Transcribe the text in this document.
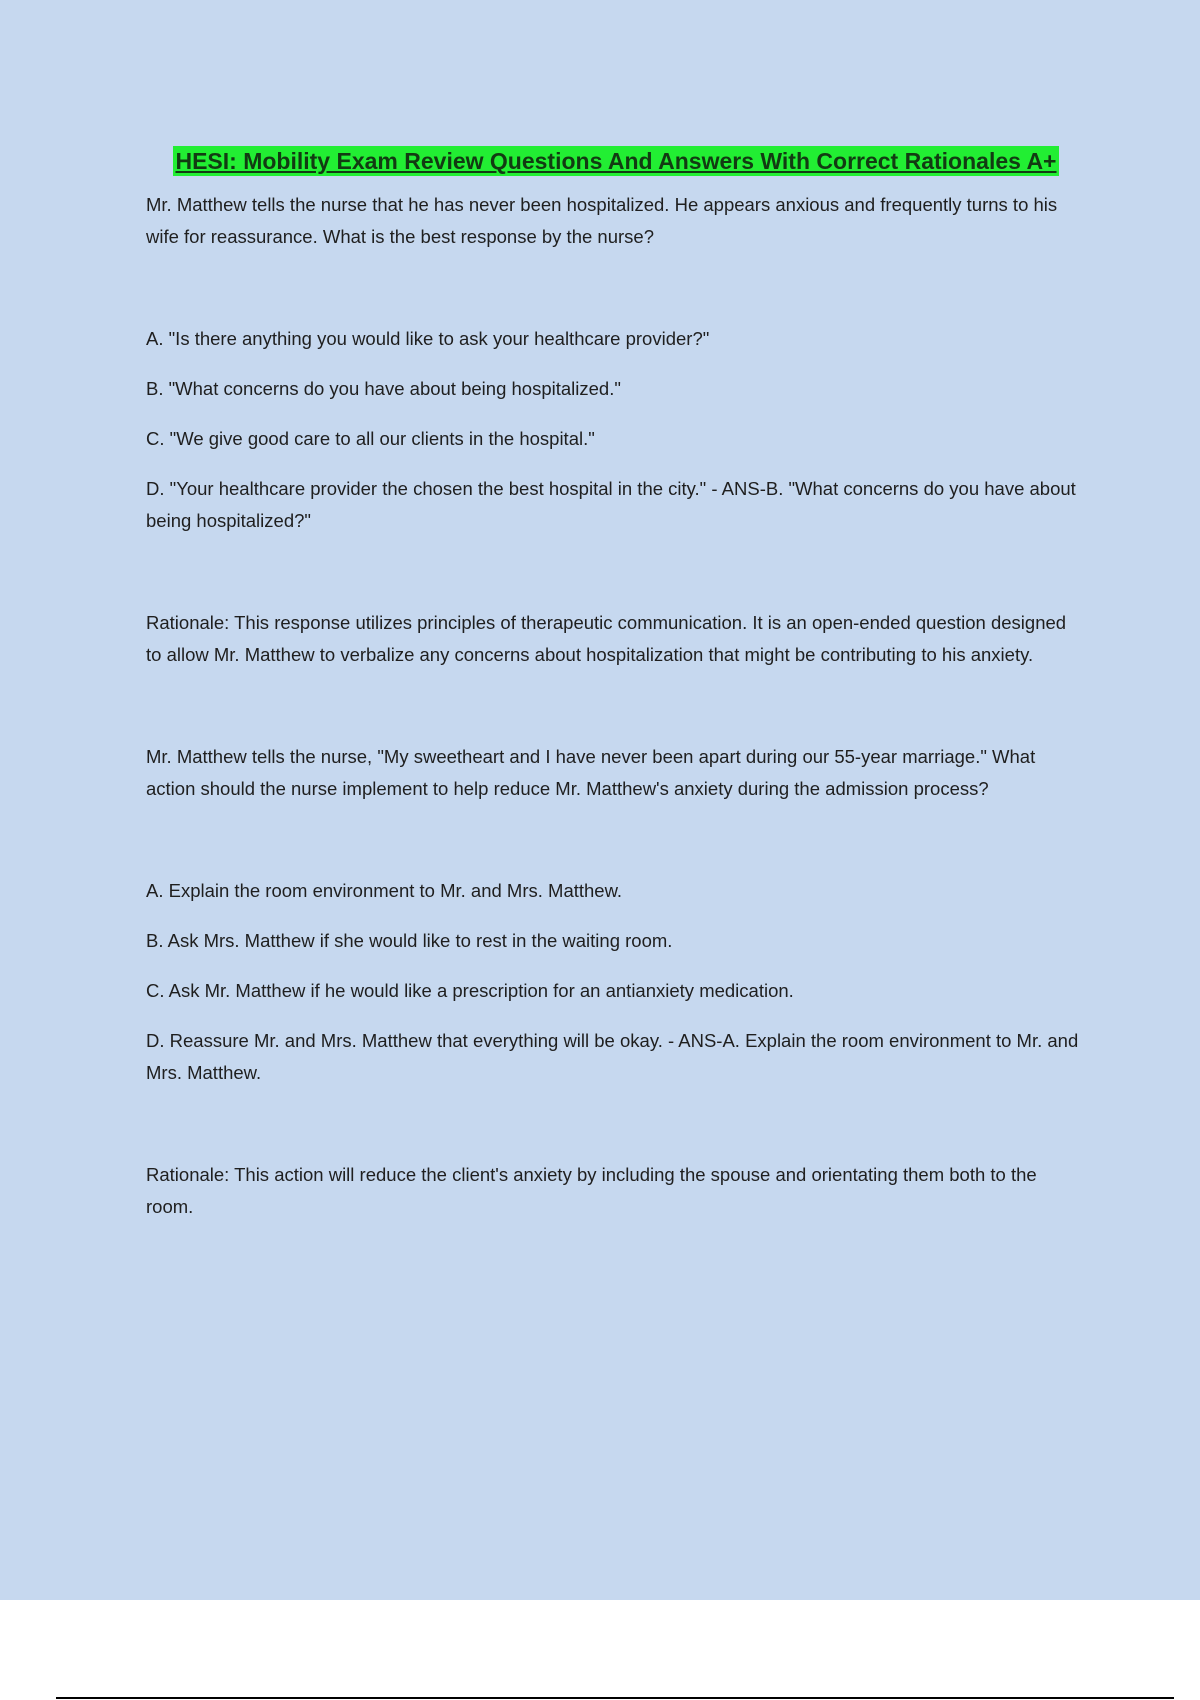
HESI: Mobility Exam Review Questions And Answers With Correct Rationales A+

Mr. Matthew tells the nurse that he has never been hospitalized. He appears anxious and frequently turns to his wife for reassurance. What is the best response by the nurse?

A. "Is there anything you would like to ask your healthcare provider?"

B. "What concerns do you have about being hospitalized."

C. "We give good care to all our clients in the hospital."

D. "Your healthcare provider the chosen the best hospital in the city." - ANS-B. "What concerns do you have about being hospitalized?"

Rationale: This response utilizes principles of therapeutic communication. It is an open-ended question designed to allow Mr. Matthew to verbalize any concerns about hospitalization that might be contributing to his anxiety.

Mr. Matthew tells the nurse, "My sweetheart and I have never been apart during our 55-year marriage." What action should the nurse implement to help reduce Mr. Matthew's anxiety during the admission process?

A. Explain the room environment to Mr. and Mrs. Matthew.

B. Ask Mrs. Matthew if she would like to rest in the waiting room.

C. Ask Mr. Matthew if he would like a prescription for an antianxiety medication.

D. Reassure Mr. and Mrs. Matthew that everything will be okay. - ANS-A. Explain the room environment to Mr. and Mrs. Matthew.

Rationale: This action will reduce the client's anxiety by including the spouse and orientating them both to the room.
